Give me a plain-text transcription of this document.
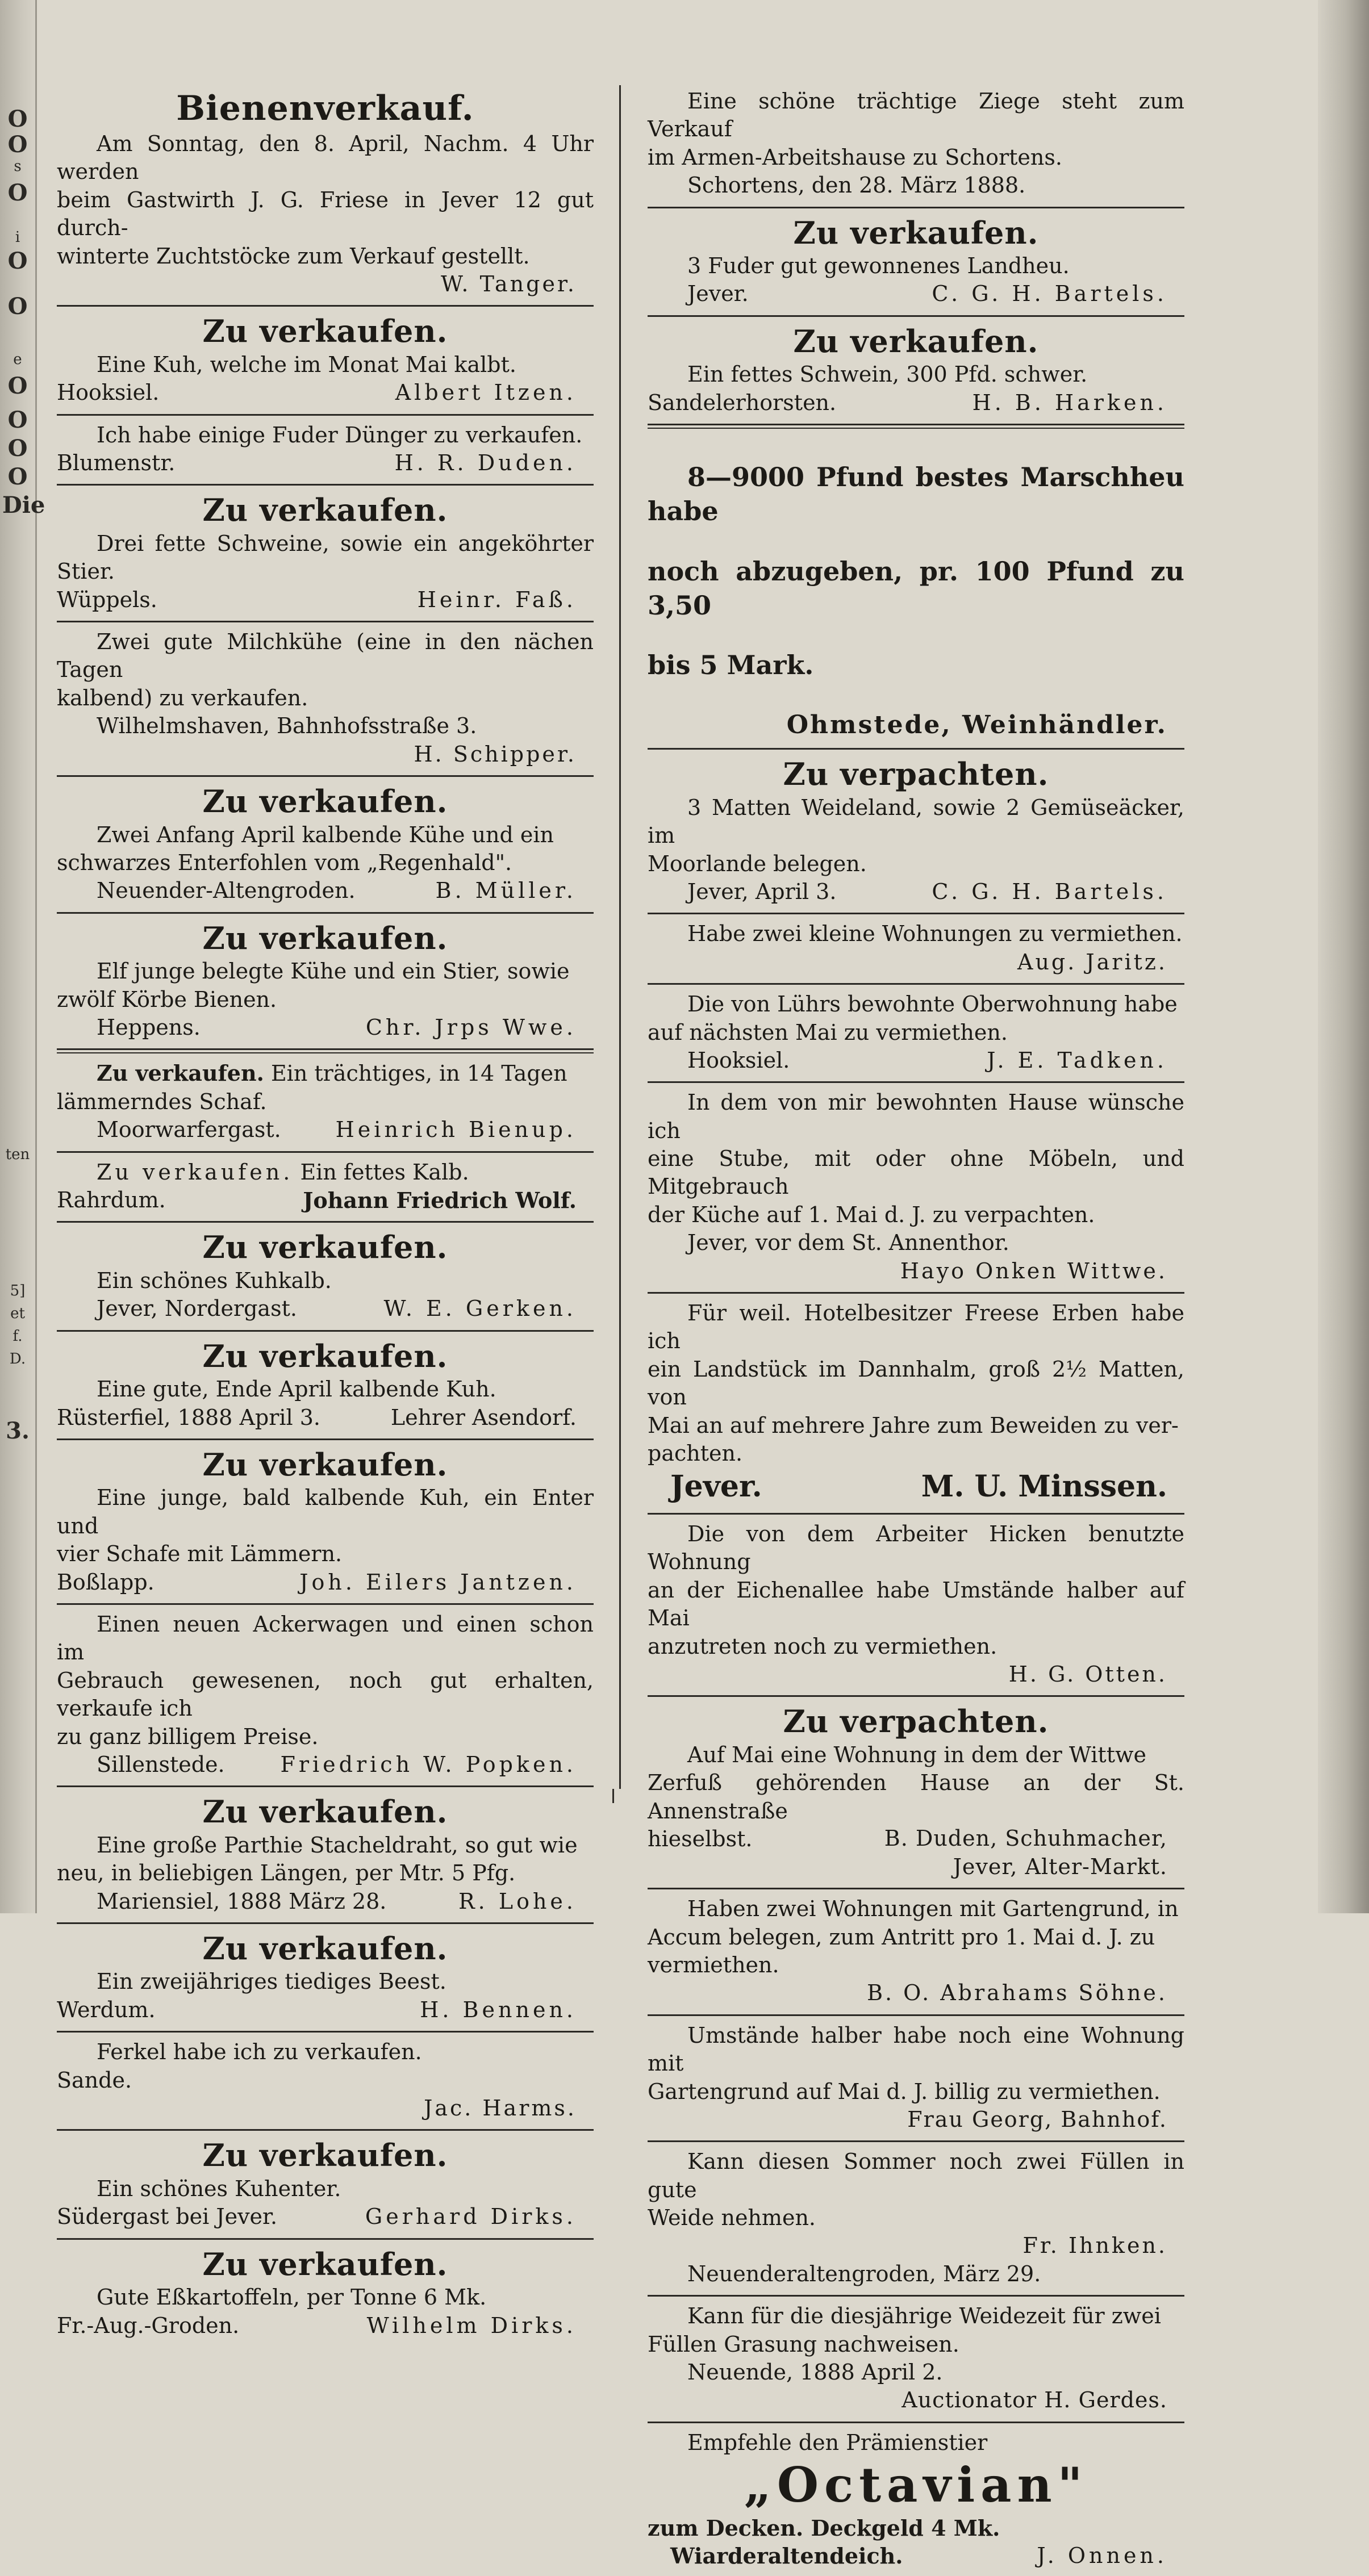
O
O
s
O
i
O
O
e
O
O
O
O
Die
ten
5]
et
f.
D.
3.

Bienenverkauf.

Am Sonntag, den 8. April, Nachm. 4 Uhr werden

beim Gastwirth J. G. Friese in Jever 12 gut durch-

winterte Zuchtstöcke zum Verkauf gestellt.

W. Tanger.

Zu verkaufen.

Eine Kuh, welche im Monat Mai kalbt.

Hooksiel.	Albert Itzen.

Ich habe einige Fuder Dünger zu verkaufen.

Blumenstr.	H. R. Duden.

Zu verkaufen.

Drei fette Schweine, sowie ein angeköhrter Stier.

Wüppels.	Heinr. Faß.

Zwei gute Milchkühe (eine in den nächen Tagen

kalbend) zu verkaufen.

Wilhelmshaven, Bahnhofsstraße 3.

H. Schipper.

Zu verkaufen.

Zwei Anfang April kalbende Kühe und ein

schwarzes Enterfohlen vom „Regenhald".

Neuender-Altengroden.	B. Müller.

Zu verkaufen.

Elf junge belegte Kühe und ein Stier, sowie

zwölf Körbe Bienen.

Heppens.	Chr. Jrps Wwe.

Zu verkaufen. Ein trächtiges, in 14 Tagen

lämmerndes Schaf.

Moorwarfergast.	Heinrich Bienup.

Zu verkaufen. Ein fettes Kalb.

Rahrdum.	Johann Friedrich Wolf.

Zu verkaufen.

Ein schönes Kuhkalb.

Jever, Nordergast.	W. E. Gerken.

Zu verkaufen.

Eine gute, Ende April kalbende Kuh.

Rüsterfiel, 1888 April 3.	Lehrer Asendorf.

Zu verkaufen.

Eine junge, bald kalbende Kuh, ein Enter und

vier Schafe mit Lämmern.

Boßlapp.	Joh. Eilers Jantzen.

Einen neuen Ackerwagen und einen schon im

Gebrauch gewesenen, noch gut erhalten, verkaufe ich

zu ganz billigem Preise.

Sillenstede.	Friedrich W. Popken.

Zu verkaufen.

Eine große Parthie Stacheldraht, so gut wie

neu, in beliebigen Längen, per Mtr. 5 Pfg.

Mariensiel, 1888 März 28.	R. Lohe.

Zu verkaufen.

Ein zweijähriges tiediges Beest.

Werdum.	H. Bennen.

Ferkel habe ich zu verkaufen.

Sande.

Jac. Harms.

Zu verkaufen.

Ein schönes Kuhenter.

Südergast bei Jever.	Gerhard Dirks.

Zu verkaufen.

Gute Eßkartoffeln, per Tonne 6 Mk.

Fr.-Aug.-Groden.	Wilhelm Dirks.

Eine schöne trächtige Ziege steht zum Verkauf

im Armen-Arbeitshause zu Schortens.

Schortens, den 28. März 1888.

Zu verkaufen.

3 Fuder gut gewonnenes Landheu.

Jever.	C. G. H. Bartels.

Zu verkaufen.

Ein fettes Schwein, 300 Pfd. schwer.

Sandelerhorsten.	H. B. Harken.

8—9000 Pfund bestes Marschheu habe

noch abzugeben, pr. 100 Pfund zu 3,50

bis 5 Mark.

Ohmstede, Weinhändler.

Zu verpachten.

3 Matten Weideland, sowie 2 Gemüseäcker, im

Moorlande belegen.

Jever, April 3.	C. G. H. Bartels.

Habe zwei kleine Wohnungen zu vermiethen.

Aug. Jaritz.

Die von Lührs bewohnte Oberwohnung habe

auf nächsten Mai zu vermiethen.

Hooksiel.	J. E. Tadken.

In dem von mir bewohnten Hause wünsche ich

eine Stube, mit oder ohne Möbeln, und Mitgebrauch

der Küche auf 1. Mai d. J. zu verpachten.

Jever, vor dem St. Annenthor.

Hayo Onken Wittwe.

Für weil. Hotelbesitzer Freese Erben habe ich

ein Landstück im Dannhalm, groß 2½ Matten, von

Mai an auf mehrere Jahre zum Beweiden zu ver-

pachten.

Jever.	M. U. Minssen.

Die von dem Arbeiter Hicken benutzte Wohnung

an der Eichenallee habe Umstände halber auf Mai

anzutreten noch zu vermiethen.

H. G. Otten.

Zu verpachten.

Auf Mai eine Wohnung in dem der Wittwe

Zerfuß gehörenden Hause an der St. Annenstraße

hieselbst.	B. Duden, Schuhmacher,
Jever, Alter-Markt.

Haben zwei Wohnungen mit Gartengrund, in

Accum belegen, zum Antritt pro 1. Mai d. J. zu

vermiethen.

B. O. Abrahams Söhne.

Umstände halber habe noch eine Wohnung mit

Gartengrund auf Mai d. J. billig zu vermiethen.

Frau Georg, Bahnhof.

Kann diesen Sommer noch zwei Füllen in gute

Weide nehmen.

Fr. Ihnken.

Neuenderaltengroden, März 29.

Kann für die diesjährige Weidezeit für zwei

Füllen Grasung nachweisen.

Neuende, 1888 April 2.

Auctionator H. Gerdes.

Empfehle den Prämienstier

„Octavian"

zum Decken. Deckgeld 4 Mk.

Wiarderaltendeich.	J. Onnen.
